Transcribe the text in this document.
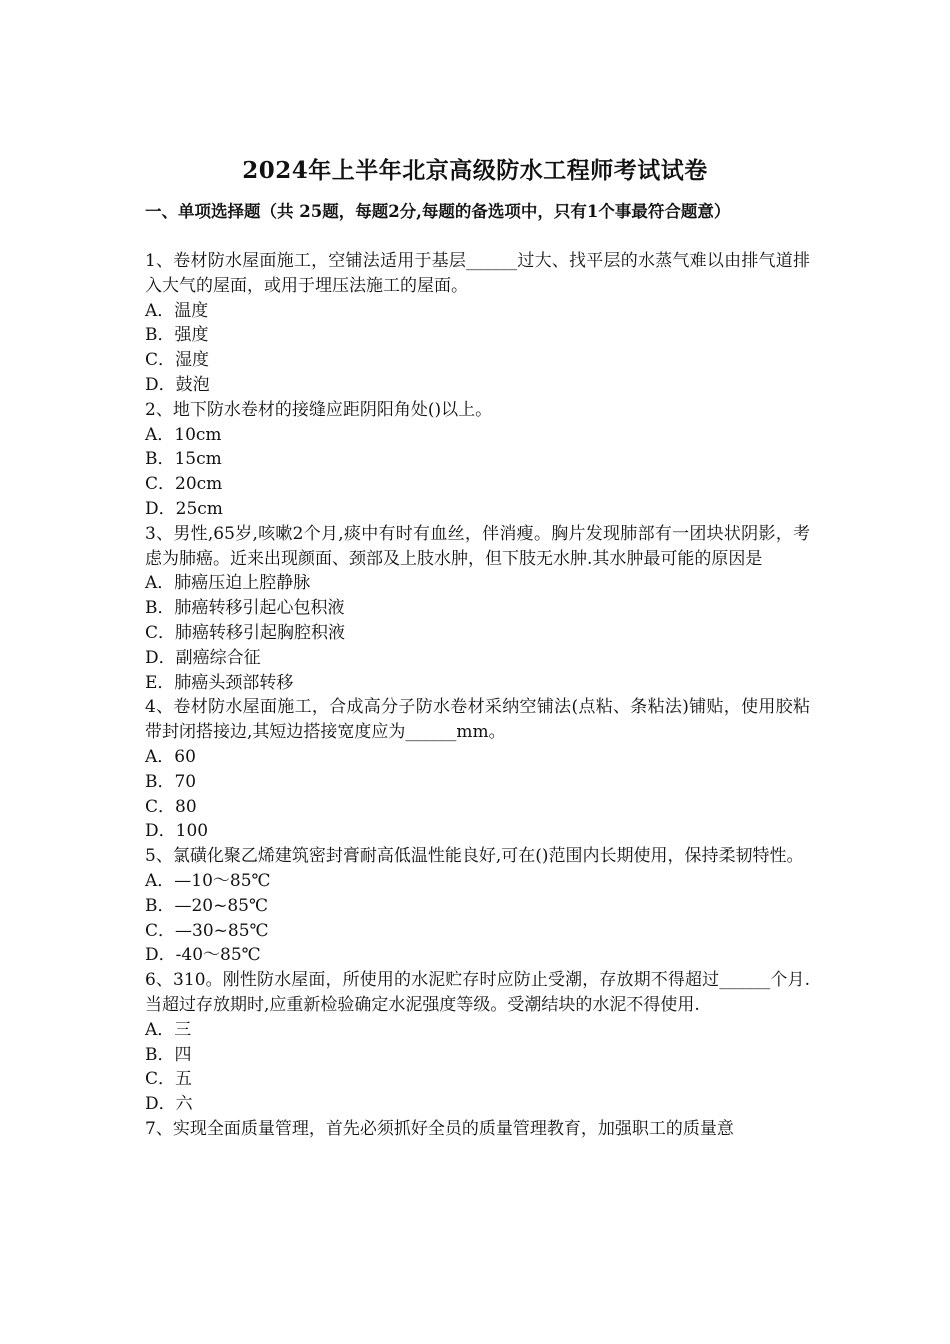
2024年上半年北京高级防水工程师考试试卷
一、单项选择题（共 25题，每题2分,每题的备选项中，只有1个事最符合题意）
1、卷材防水屋面施工，空铺法适用于基层______过大、找平层的水蒸气难以由排气道排入大气的屋面，或用于埋压法施工的屋面。
A．温度
B．强度
C．湿度
D．鼓泡
2、地下防水卷材的接缝应距阴阳角处()以上。
A．10cm
B．15cm
C．20cm
D．25cm
3、男性,65岁,咳嗽2个月,痰中有时有血丝，伴消瘦。胸片发现肺部有一团块状阴影，考虑为肺癌。近来出现颜面、颈部及上肢水肿，但下肢无水肿.其水肿最可能的原因是
A．肺癌压迫上腔静脉
B．肺癌转移引起心包积液
C．肺癌转移引起胸腔积液
D．副癌综合征
E．肺癌头颈部转移
4、卷材防水屋面施工，合成高分子防水卷材采纳空铺法(点粘、条粘法)铺贴，使用胶粘带封闭搭接边,其短边搭接宽度应为______mm。
A．60
B．70
C．80
D．100
5、氯磺化聚乙烯建筑密封膏耐高低温性能良好,可在()范围内长期使用，保持柔韧特性。
A．—10～85℃
B．—20~85℃
C．—30~85℃
D．-40～85℃
6、310。刚性防水屋面，所使用的水泥贮存时应防止受潮，存放期不得超过______个月.当超过存放期时,应重新检验确定水泥强度等级。受潮结块的水泥不得使用.
A．三
B．四
C．五
D．六
7、实现全面质量管理，首先必须抓好全员的质量管理教育，加强职工的质量意
